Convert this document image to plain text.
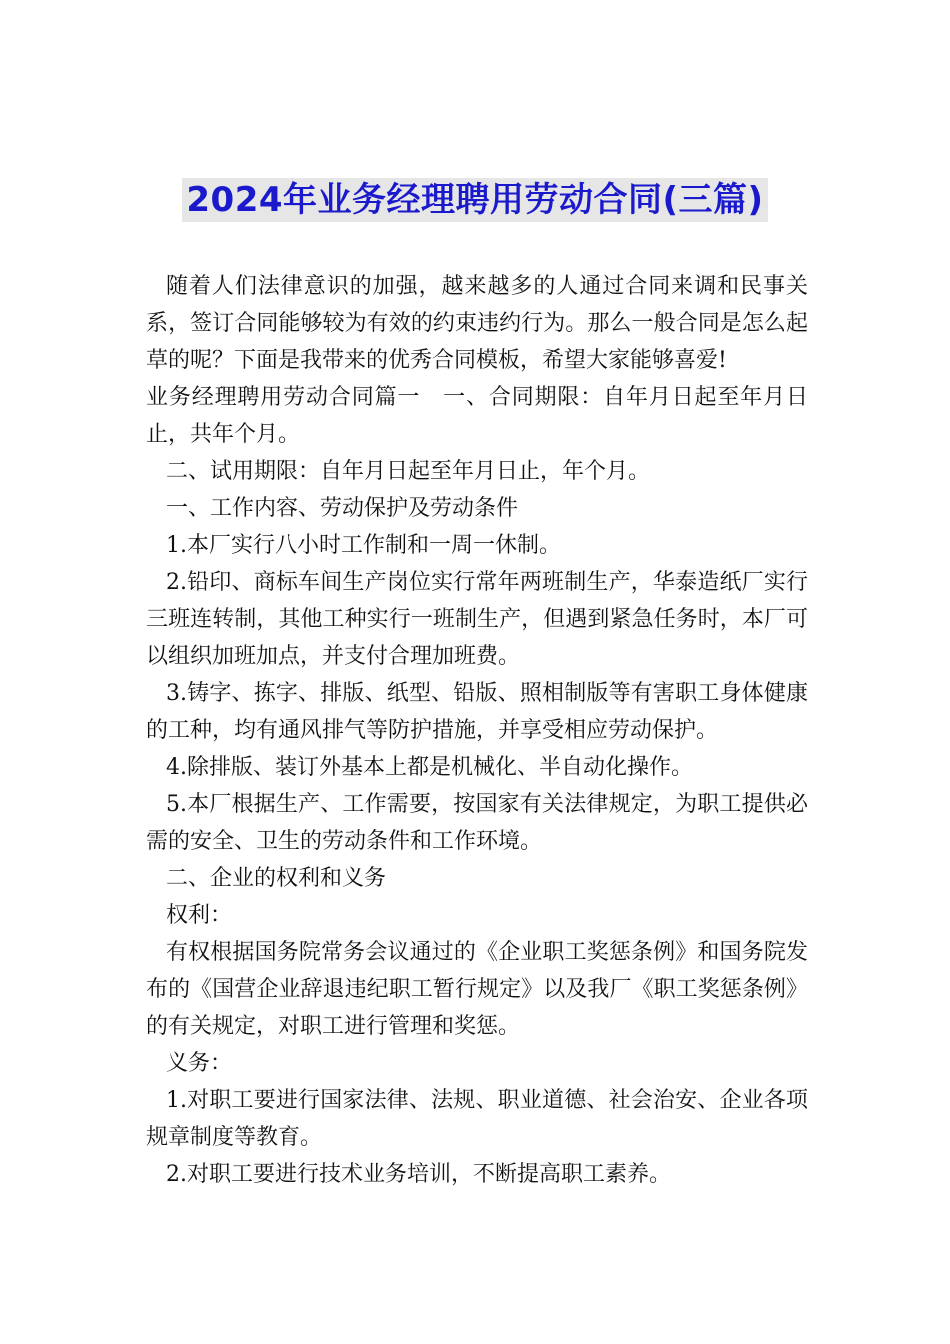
2024年业务经理聘用劳动合同(三篇)

随着人们法律意识的加强，越来越多的人通过合同来调和民事关系，签订合同能够较为有效的约束违约行为。那么一般合同是怎么起草的呢？下面是我带来的优秀合同模板，希望大家能够喜爱!

业务经理聘用劳动合同篇一　一、合同期限：自年月日起至年月日止，共年个月。

二、试用期限：自年月日起至年月日止，年个月。

一、工作内容、劳动保护及劳动条件

1.本厂实行八小时工作制和一周一休制。

2.铅印、商标车间生产岗位实行常年两班制生产，华泰造纸厂实行三班连转制，其他工种实行一班制生产，但遇到紧急任务时，本厂可以组织加班加点，并支付合理加班费。

3.铸字、拣字、排版、纸型、铅版、照相制版等有害职工身体健康的工种，均有通风排气等防护措施，并享受相应劳动保护。

4.除排版、装订外基本上都是机械化、半自动化操作。

5.本厂根据生产、工作需要，按国家有关法律规定，为职工提供必需的安全、卫生的劳动条件和工作环境。

二、企业的权利和义务

权利：

有权根据国务院常务会议通过的《企业职工奖惩条例》和国务院发布的《国营企业辞退违纪职工暂行规定》以及我厂《职工奖惩条例》的有关规定，对职工进行管理和奖惩。

义务：

1.对职工要进行国家法律、法规、职业道德、社会治安、企业各项规章制度等教育。

2.对职工要进行技术业务培训，不断提高职工素养。
